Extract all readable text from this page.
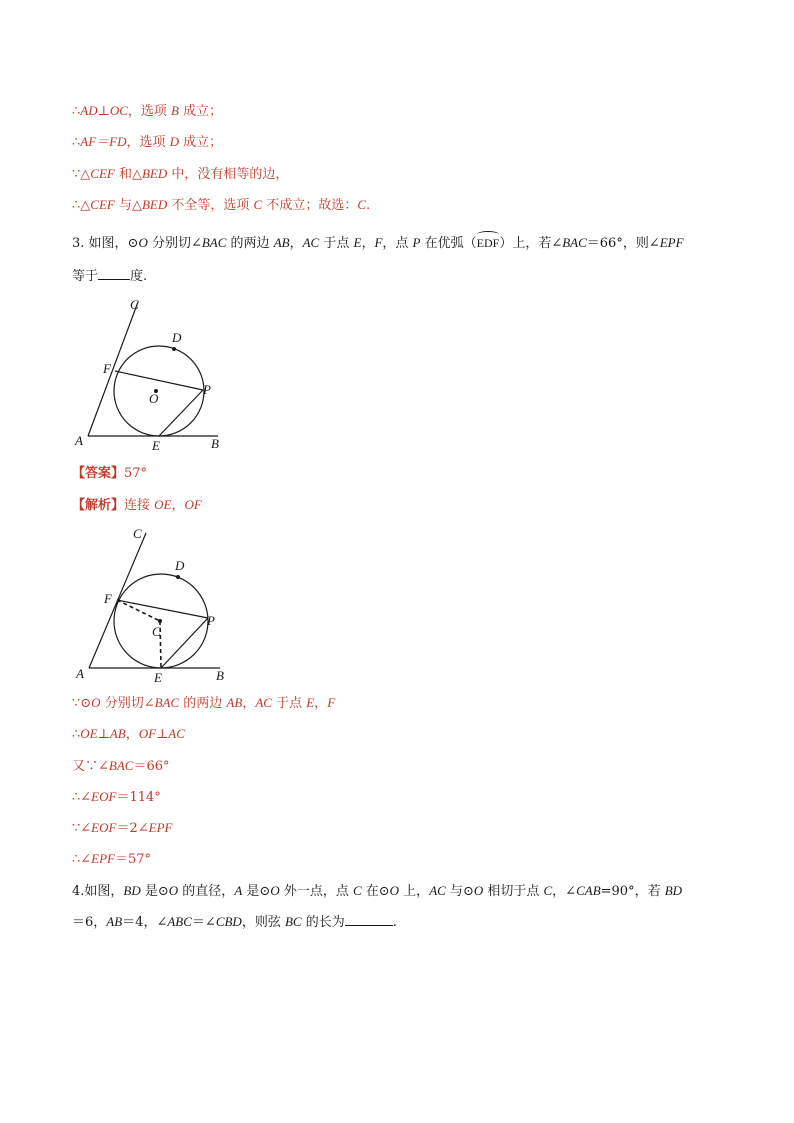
∴AD⊥OC，选项 B 成立；
∴AF＝FD，选项 D 成立；
∵△CEF 和△BED 中，没有相等的边，
∴△CEF 与△BED 不全等，选项 C 不成立；故选：C.
3. 如图，⊙O 分别切∠BAC 的两边 AB，AC 于点 E，F，点 P 在优弧（EDF）上，若∠BAC＝66°，则∠EPF
等于 度.
C
D
F
O
P
A	E	B
【答案】57°
【解析】连接 OE，OF
C
D
F
C
P
A	E	B
∵⊙O 分别切∠BAC 的两边 AB，AC 于点 E，F
∴OE⊥AB，OF⊥AC
又∵∠BAC＝66°
∴∠EOF＝114°
∵∠EOF＝2∠EPF
∴∠EPF＝57°
4.如图，BD 是⊙O 的直径，A 是⊙O 外一点，点 C 在⊙O 上，AC 与⊙O 相切于点 C，∠CAB=90°，若 BD
＝6，AB＝4，∠ABC＝∠CBD，则弦 BC 的长为	.
